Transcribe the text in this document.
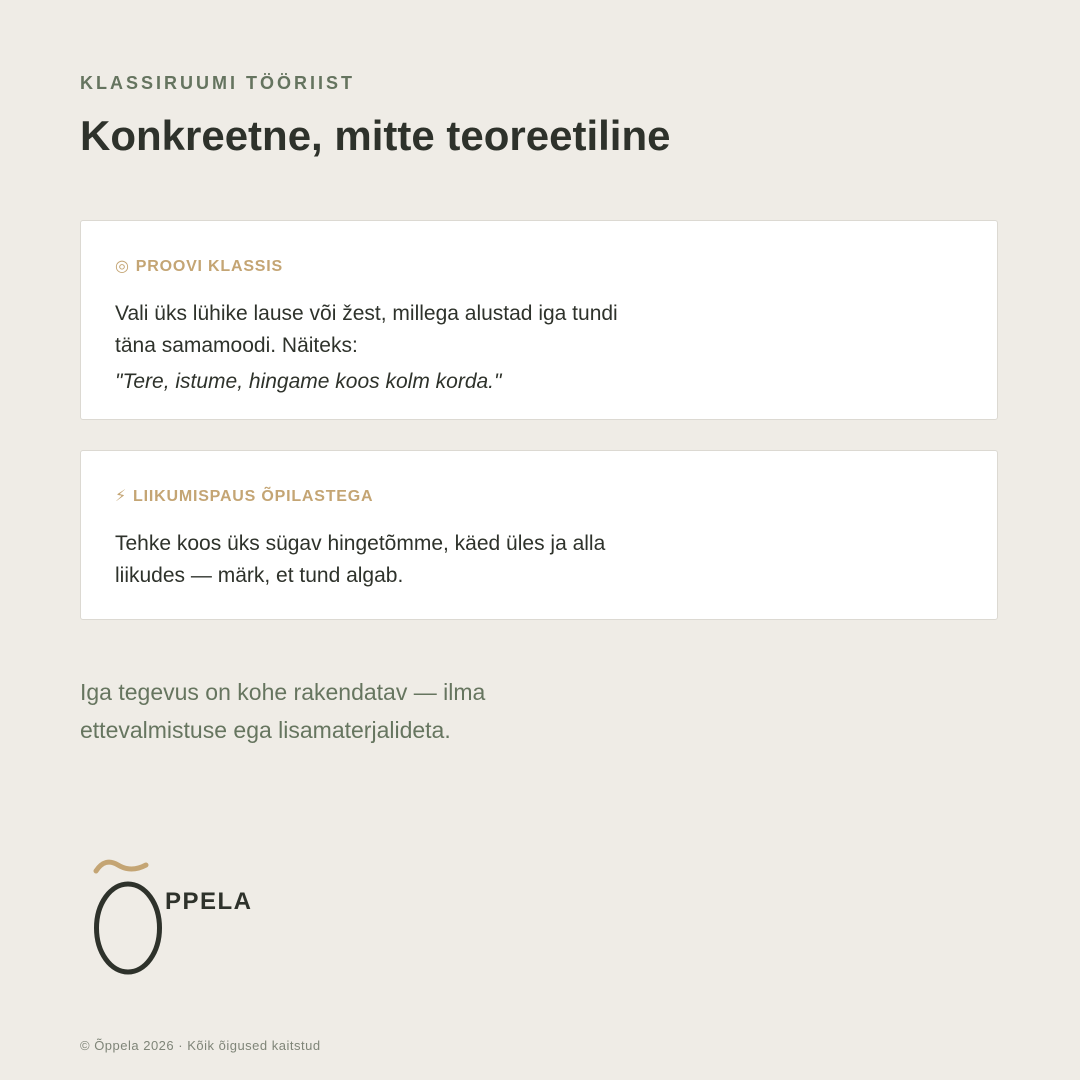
KLASSIRUUMI TÖÖRIIST
Konkreetne, mitte teoreetiline
◎ PROOVI KLASSIS
Vali üks lühike lause või žest, millega alustad iga tundi täna samamoodi. Näiteks:
"Tere, istume, hingame koos kolm korda."
⚡ LIIKUMISPAUS ÕPILASTEGA
Tehke koos üks sügav hingetõmme, käed üles ja alla liikudes — märk, et tund algab.

Iga tegevus on kohe rakendatav — ilma ettevalmistuse ega lisamaterjalideta.

PPELA
© Õppela 2026 · Kõik õigused kaitstud
